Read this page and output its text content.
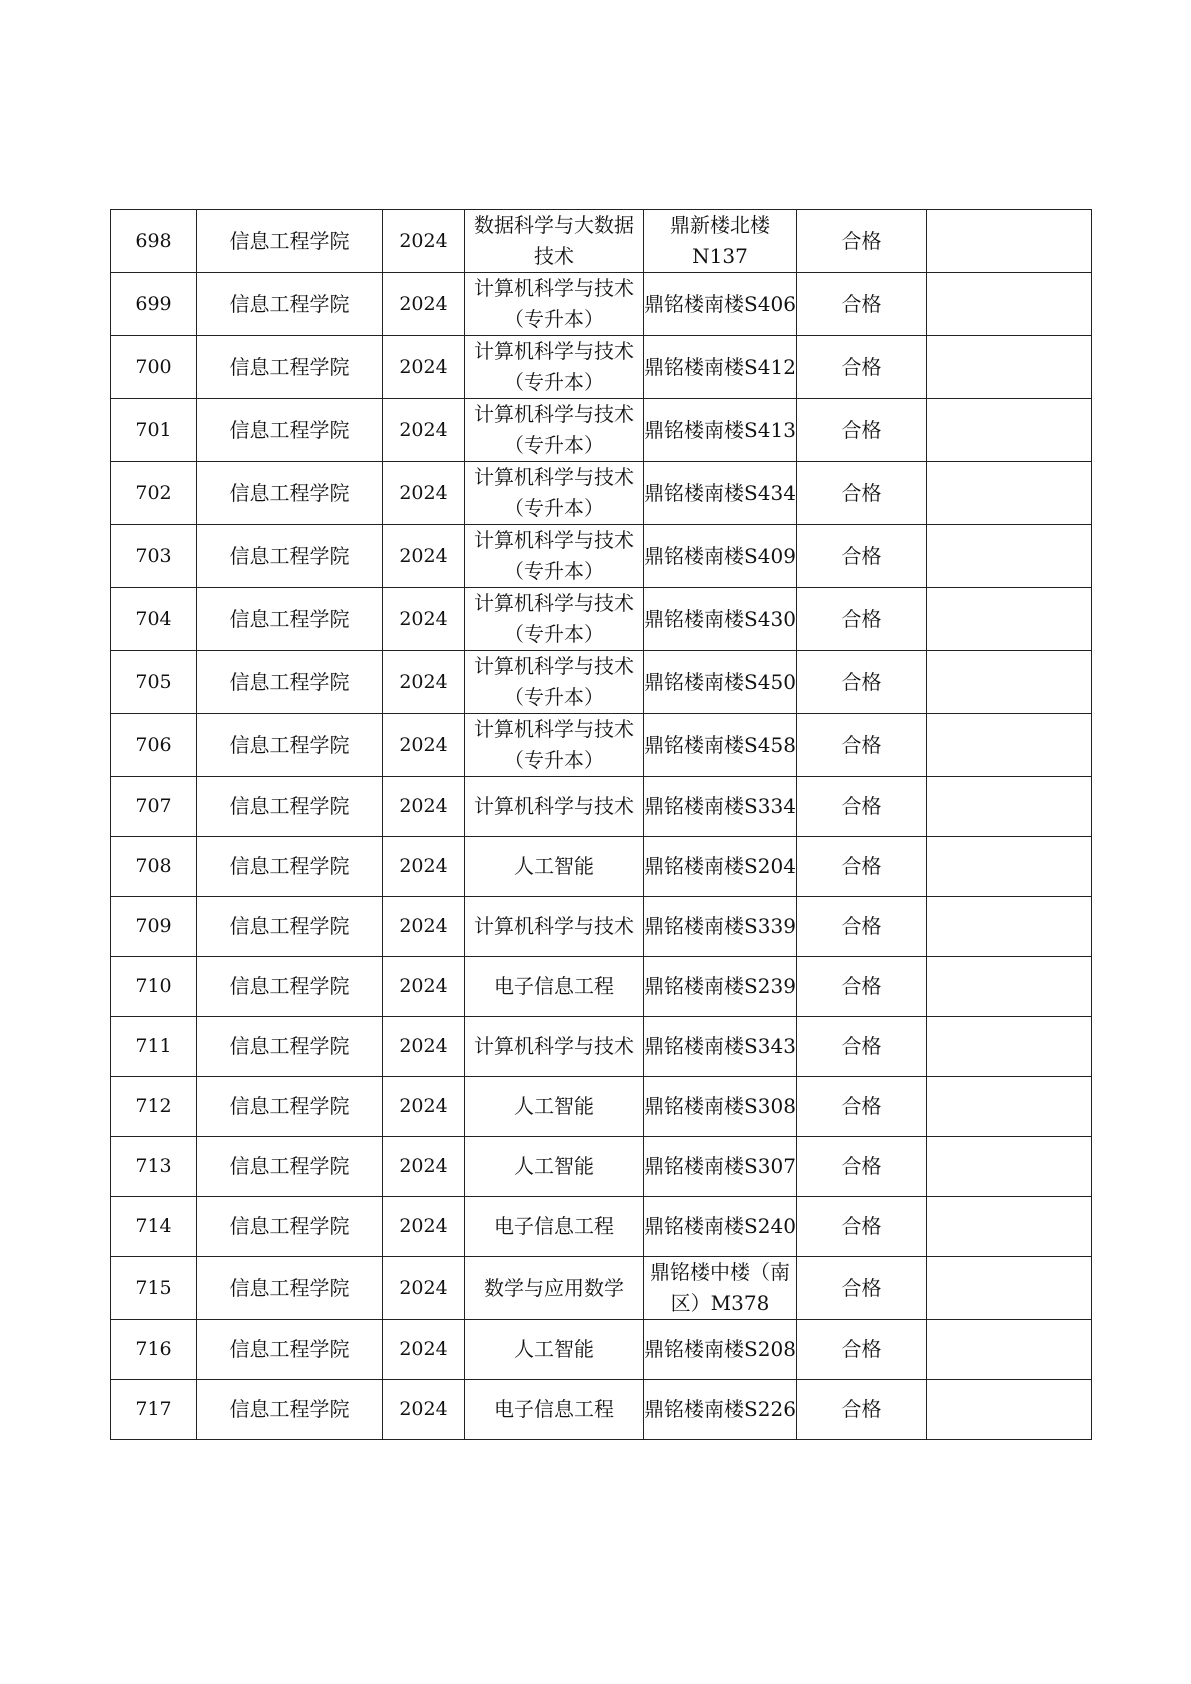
698	信息工程学院	2024	数据科学与大数据技术	鼎新楼北楼N137	合格	
699	信息工程学院	2024	计算机科学与技术（专升本）	鼎铭楼南楼S406	合格	
700	信息工程学院	2024	计算机科学与技术（专升本）	鼎铭楼南楼S412	合格	
701	信息工程学院	2024	计算机科学与技术（专升本）	鼎铭楼南楼S413	合格	
702	信息工程学院	2024	计算机科学与技术（专升本）	鼎铭楼南楼S434	合格	
703	信息工程学院	2024	计算机科学与技术（专升本）	鼎铭楼南楼S409	合格	
704	信息工程学院	2024	计算机科学与技术（专升本）	鼎铭楼南楼S430	合格	
705	信息工程学院	2024	计算机科学与技术（专升本）	鼎铭楼南楼S450	合格	
706	信息工程学院	2024	计算机科学与技术（专升本）	鼎铭楼南楼S458	合格	
707	信息工程学院	2024	计算机科学与技术	鼎铭楼南楼S334	合格	
708	信息工程学院	2024	人工智能	鼎铭楼南楼S204	合格	
709	信息工程学院	2024	计算机科学与技术	鼎铭楼南楼S339	合格	
710	信息工程学院	2024	电子信息工程	鼎铭楼南楼S239	合格	
711	信息工程学院	2024	计算机科学与技术	鼎铭楼南楼S343	合格	
712	信息工程学院	2024	人工智能	鼎铭楼南楼S308	合格	
713	信息工程学院	2024	人工智能	鼎铭楼南楼S307	合格	
714	信息工程学院	2024	电子信息工程	鼎铭楼南楼S240	合格	
715	信息工程学院	2024	数学与应用数学	鼎铭楼中楼（南区）M378	合格	
716	信息工程学院	2024	人工智能	鼎铭楼南楼S208	合格	
717	信息工程学院	2024	电子信息工程	鼎铭楼南楼S226	合格	
